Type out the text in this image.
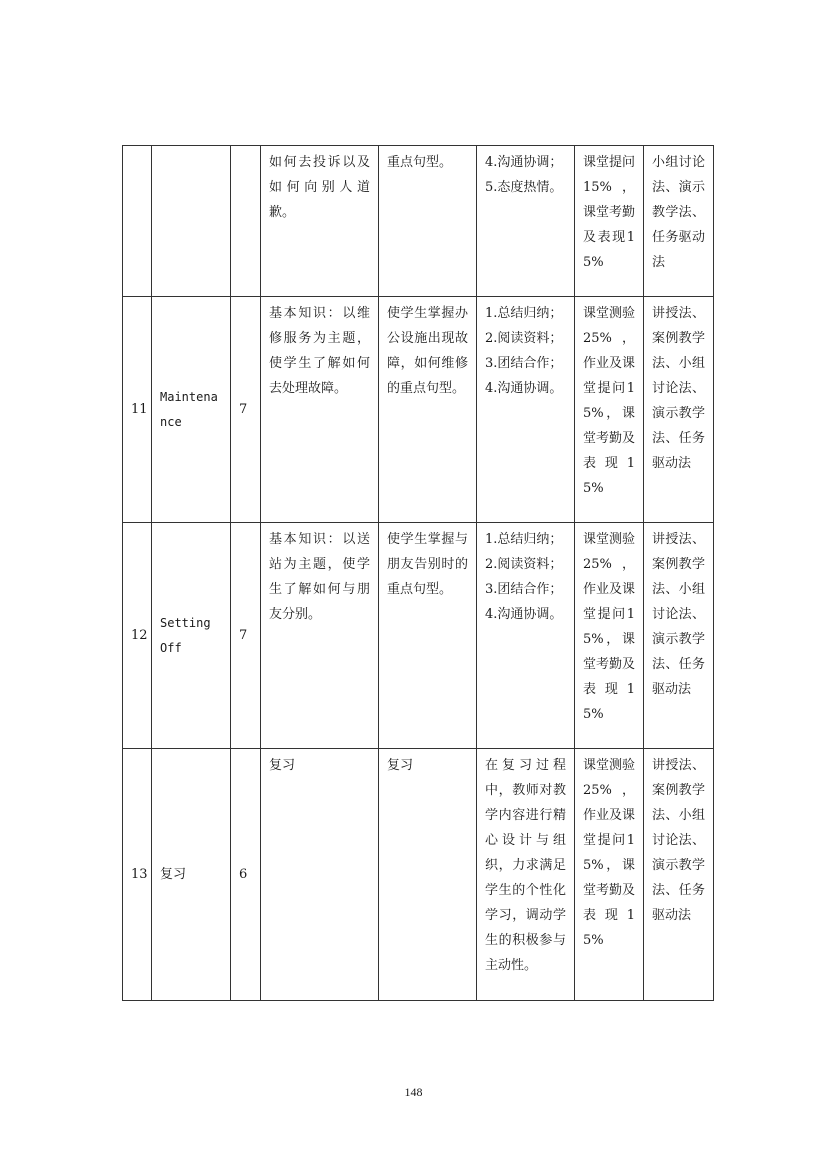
			如何去投诉以及如何向别人道歉。	重点句型。	4.沟通协调；
5.态度热情。	课堂提问15%，课堂考勤及表现15%	小组讨论法、演示教学法、任务驱动法
11	Maintena
nce	7	基本知识：以维修服务为主题，使学生了解如何去处理故障。	使学生掌握办公设施出现故障，如何维修的重点句型。	1.总结归纳；
2.阅读资料；
3.团结合作；
4.沟通协调。	课堂测验25%，作业及课堂提问15%，课堂考勤及表现15%	讲授法、案例教学法、小组讨论法、演示教学法、任务驱动法
12	Setting
Off	7	基本知识：以送站为主题，使学生了解如何与朋友分别。	使学生掌握与朋友告别时的重点句型。	1.总结归纳；
2.阅读资料；
3.团结合作；
4.沟通协调。	课堂测验25%，作业及课堂提问15%，课堂考勤及表现15%	讲授法、案例教学法、小组讨论法、演示教学法、任务驱动法
13	复习	6	复习	复习	在复习过程中，教师对教学内容进行精心设计与组织，力求满足学生的个性化学习，调动学生的积极参与主动性。	课堂测验25%，作业及课堂提问15%，课堂考勤及表现15%	讲授法、案例教学法、小组讨论法、演示教学法、任务驱动法
148
